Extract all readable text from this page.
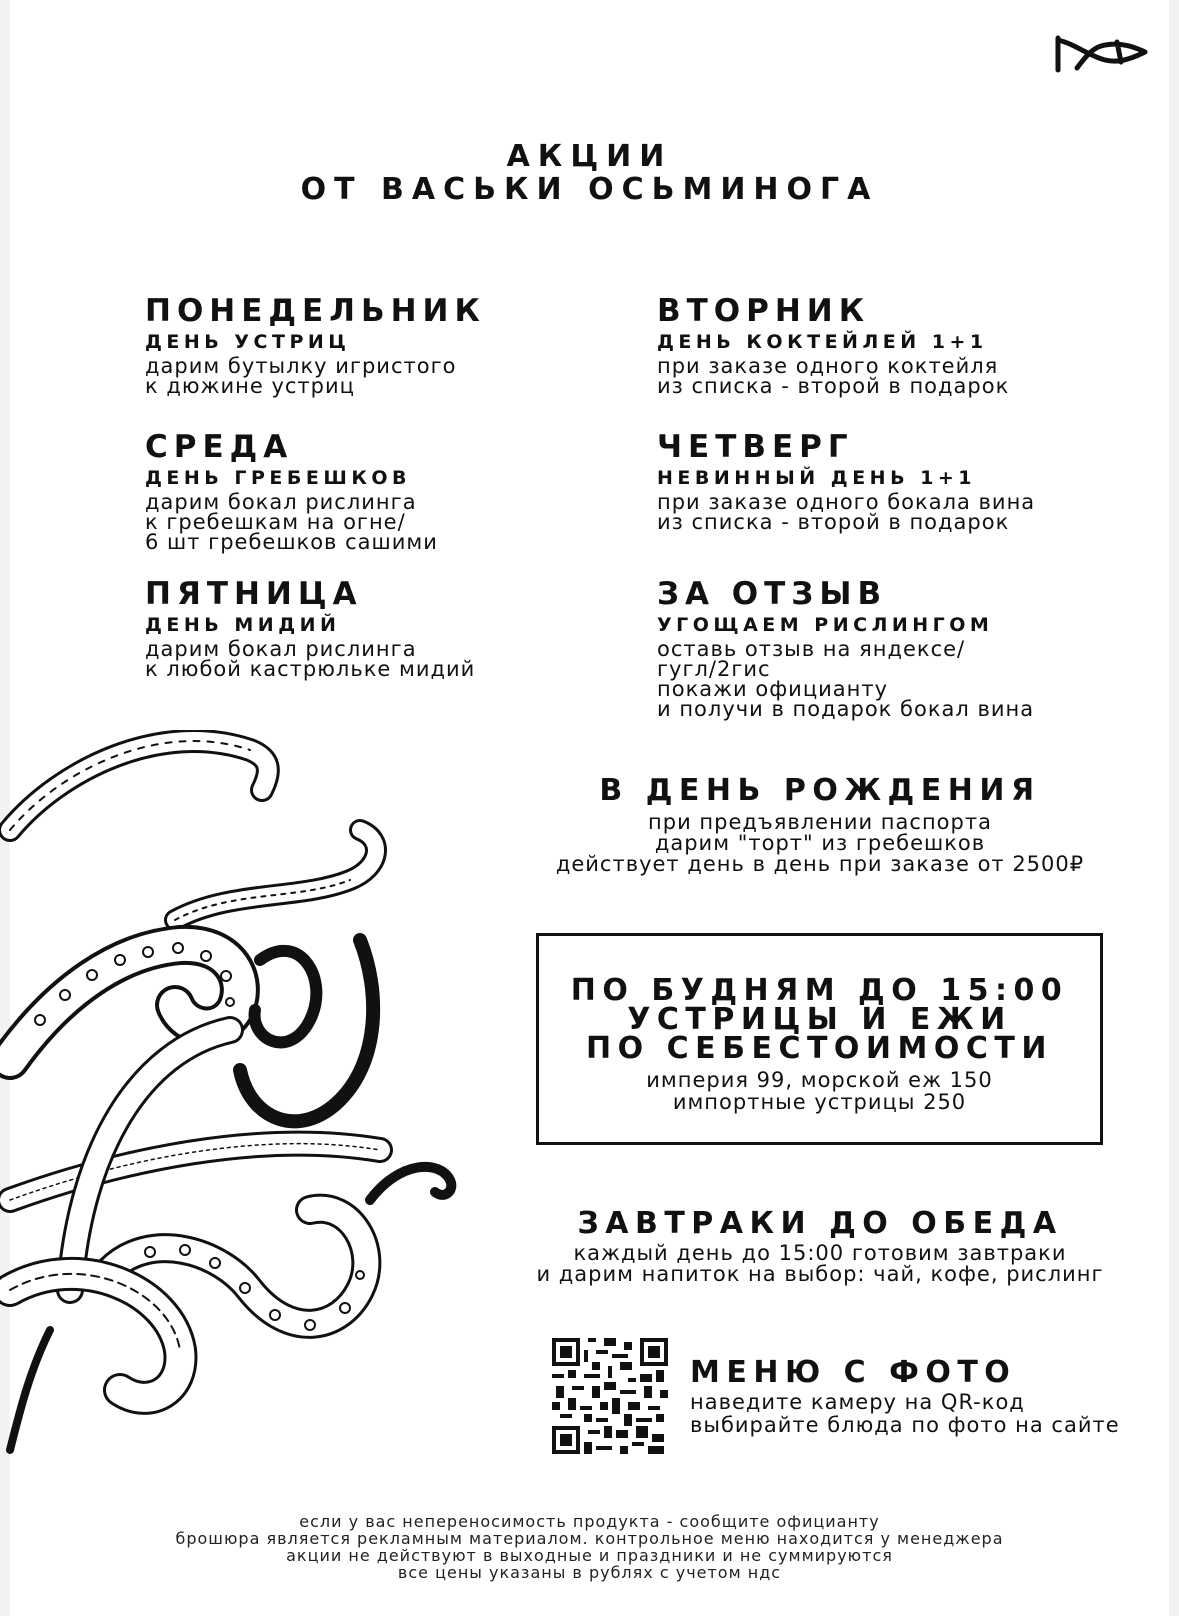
АКЦИИ
ОТ ВАСЬКИ ОСЬМИНОГА
ПОНЕДЕЛЬНИК
ДЕНЬ УСТРИЦ
дарим бутылку игристого
к дюжине устриц
ВТОРНИК
ДЕНЬ КОКТЕЙЛЕЙ 1+1
при заказе одного коктейля
из списка - второй в подарок
СРЕДА
ДЕНЬ ГРЕБЕШКОВ
дарим бокал рислинга
к гребешкам на огне/
6 шт гребешков сашими
ЧЕТВЕРГ
НЕВИННЫЙ ДЕНЬ 1+1
при заказе одного бокала вина
из списка - второй в подарок
ПЯТНИЦА
ДЕНЬ МИДИЙ
дарим бокал рислинга
к любой кастрюльке мидий
ЗА ОТЗЫВ
УГОЩАЕМ РИСЛИНГОМ
оставь отзыв на яндексе/
гугл/2гис
покажи официанту
и получи в подарок бокал вина
В ДЕНЬ РОЖДЕНИЯ
при предъявлении паспорта
дарим "торт" из гребешков
действует день в день при заказе от 2500₽
ПО БУДНЯМ ДО 15:00
УСТРИЦЫ И ЕЖИ
ПО СЕБЕСТОИМОСТИ
империя 99, морской еж 150
импортные устрицы 250
ЗАВТРАКИ ДО ОБЕДА
каждый день до 15:00 готовим завтраки
и дарим напиток на выбор: чай, кофе, рислинг
МЕНЮ С ФОТО
наведите камеру на QR-код
выбирайте блюда по фото на сайте
если у вас непереносимость продукта - сообщите официанту
брошюра является рекламным материалом. контрольное меню находится у менеджера
акции не действуют в выходные и праздники и не суммируются
все цены указаны в рублях с учетом ндс
